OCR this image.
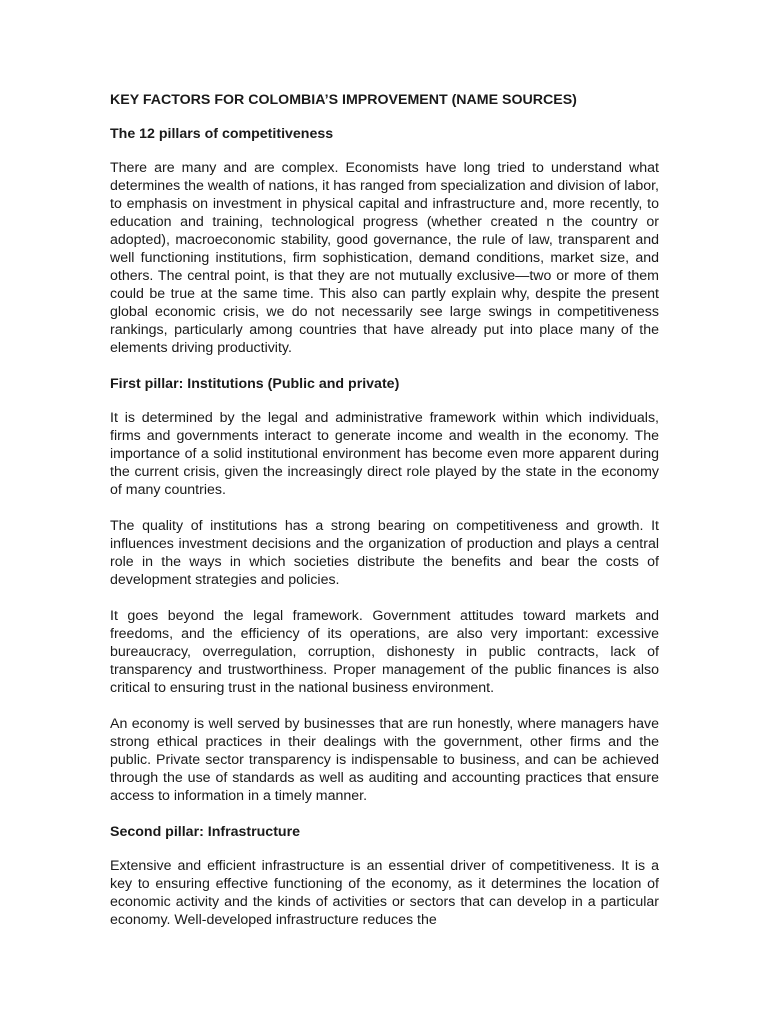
KEY FACTORS FOR COLOMBIA’S IMPROVEMENT (NAME SOURCES)

The 12 pillars of competitiveness

There are many and are complex. Economists have long tried to understand what determines the wealth of nations, it has ranged from specialization and division of labor, to emphasis on investment in physical capital and infrastructure and, more recently, to education and training, technological progress (whether created n the country or adopted), macroeconomic stability, good governance, the rule of law, transparent and well functioning institutions, firm sophistication, demand conditions, market size, and others. The central point, is that they are not mutually exclusive—two or more of them could be true at the same time. This also can partly explain why, despite the present global economic crisis, we do not necessarily see large swings in competitiveness rankings, particularly among countries that have already put into place many of the elements driving productivity.

First pillar: Institutions (Public and private)

It is determined by the legal and administrative framework within which individuals, firms and governments interact to generate income and wealth in the economy. The importance of a solid institutional environment has become even more apparent during the current crisis, given the increasingly direct role played by the state in the economy of many countries.

The quality of institutions has a strong bearing on competitiveness and growth. It influences investment decisions and the organization of production and plays a central role in the ways in which societies distribute the benefits and bear the costs of development strategies and policies.

It goes beyond the legal framework. Government attitudes toward markets and freedoms, and the efficiency of its operations, are also very important: excessive bureaucracy, overregulation, corruption, dishonesty in public contracts, lack of transparency and trustworthiness. Proper management of the public finances is also critical to ensuring trust in the national business environment.

An economy is well served by businesses that are run honestly, where managers have strong ethical practices in their dealings with the government, other firms and the public. Private sector transparency is indispensable to business, and can be achieved through the use of standards as well as auditing and accounting practices that ensure access to information in a timely manner.

Second pillar: Infrastructure

Extensive and efficient infrastructure is an essential driver of competitiveness. It is a key to ensuring effective functioning of the economy, as it determines the location of economic activity and the kinds of activities or sectors that can develop in a particular economy. Well-developed infrastructure reduces the
